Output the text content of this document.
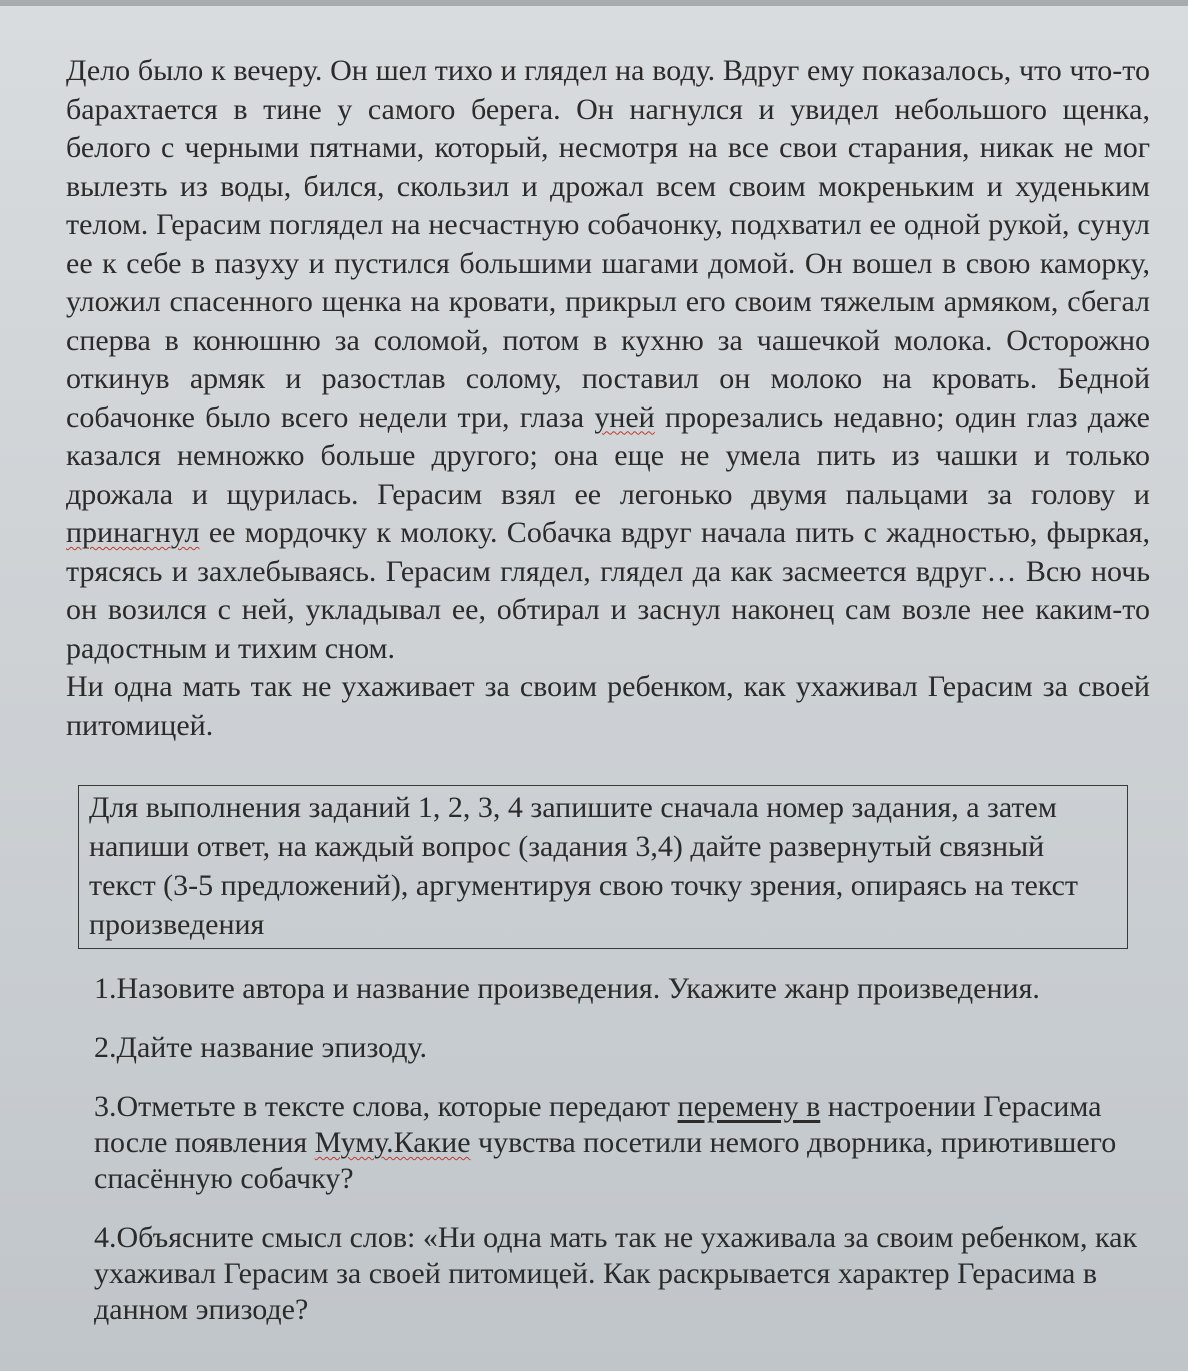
Дело было к вечеру. Он шел тихо и глядел на воду. Вдруг ему показалось, что что-то барахтается в тине у самого берега. Он нагнулся и увидел небольшого щенка, белого с черными пятнами, который, несмотря на все свои старания, никак не мог вылезть из воды, бился, скользил и дрожал всем своим мокреньким и худеньким телом. Герасим поглядел на несчастную собачонку, подхватил ее одной рукой, сунул ее к себе в пазуху и пустился большими шагами домой. Он вошел в свою каморку, уложил спасенного щенка на кровати, прикрыл его своим тяжелым армяком, сбегал сперва в конюшню за соломой, потом в кухню за чашечкой молока. Осторожно откинув армяк и разостлав солому, поставил он молоко на кровать. Бедной собачонке было всего недели три, глаза уней прорезались недавно; один глаз даже казался немножко больше другого; она еще не умела пить из чашки и только дрожала и щурилась. Герасим взял ее легонько двумя пальцами за голову и принагнул ее мордочку к молоку. Собачка вдруг начала пить с жадностью, фыркая, трясясь и захлебываясь. Герасим глядел, глядел да как засмеется вдруг… Всю ночь он возился с ней, укладывал ее, обтирал и заснул наконец сам возле нее каким-то радостным и тихим сном.

Ни одна мать так не ухаживает за своим ребенком, как ухаживал Герасим за своей питомицей.

Для выполнения заданий 1, 2, 3, 4 запишите сначала номер задания, а затем напиши ответ, на каждый вопрос (задания 3,4) дайте развернутый связный текст (3-5 предложений), аргументируя свою точку зрения, опираясь на текст произведения

1.Назовите автора и название произведения. Укажите жанр произведения.

2.Дайте название эпизоду.

3.Отметьте в тексте слова, которые передают перемену в настроении Герасима после появления Муму.Какие чувства посетили немого дворника, приютившего спасённую собачку?

4.Объясните смысл слов: «Ни одна мать так не ухаживала за своим ребенком, как ухаживал Герасим за своей питомицей. Как раскрывается характер Герасима в данном эпизоде?
